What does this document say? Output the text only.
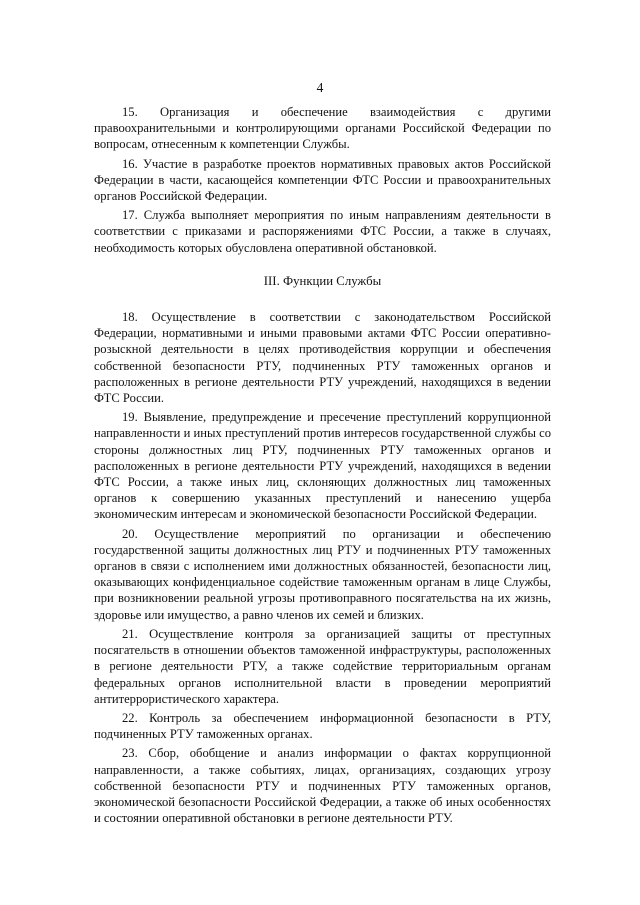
4

15. Организация и обеспечение взаимодействия с другими правоохранительными и контролирующими органами Российской Федерации по вопросам, отнесенным к компетенции Службы.

16. Участие в разработке проектов нормативных правовых актов Российской Федерации в части, касающейся компетенции ФТС России и правоохранительных органов Российской Федерации.

17. Служба выполняет мероприятия по иным направлениям деятельности в соответствии с приказами и распоряжениями ФТС России, а также в случаях, необходимость которых обусловлена оперативной обстановкой.

III. Функции Службы

18. Осуществление в соответствии с законодательством Российской Федерации, нормативными и иными правовыми актами ФТС России оперативно-розыскной деятельности в целях противодействия коррупции и обеспечения собственной безопасности РТУ, подчиненных РТУ таможенных органов и расположенных в регионе деятельности РТУ учреждений, находящихся в ведении ФТС России.

19. Выявление, предупреждение и пресечение преступлений коррупционной направленности и иных преступлений против интересов государственной службы со стороны должностных лиц РТУ, подчиненных РТУ таможенных органов и расположенных в регионе деятельности РТУ учреждений, находящихся в ведении ФТС России, а также иных лиц, склоняющих должностных лиц таможенных органов к совершению указанных преступлений и нанесению ущерба экономическим интересам и экономической безопасности Российской Федерации.

20. Осуществление мероприятий по организации и обеспечению государственной защиты должностных лиц РТУ и подчиненных РТУ таможенных органов в связи с исполнением ими должностных обязанностей, безопасности лиц, оказывающих конфиденциальное содействие таможенным органам в лице Службы, при возникновении реальной угрозы противоправного посягательства на их жизнь, здоровье или имущество, а равно членов их семей и близких.

21. Осуществление контроля за организацией защиты от преступных посягательств в отношении объектов таможенной инфраструктуры, расположенных в регионе деятельности РТУ, а также содействие территориальным органам федеральных органов исполнительной власти в проведении мероприятий антитеррористического характера.

22. Контроль за обеспечением информационной безопасности в РТУ, подчиненных РТУ таможенных органах.

23. Сбор, обобщение и анализ информации о фактах коррупционной направленности, а также событиях, лицах, организациях, создающих угрозу собственной безопасности РТУ и подчиненных РТУ таможенных органов, экономической безопасности Российской Федерации, а также об иных особенностях и состоянии оперативной обстановки в регионе деятельности РТУ.
